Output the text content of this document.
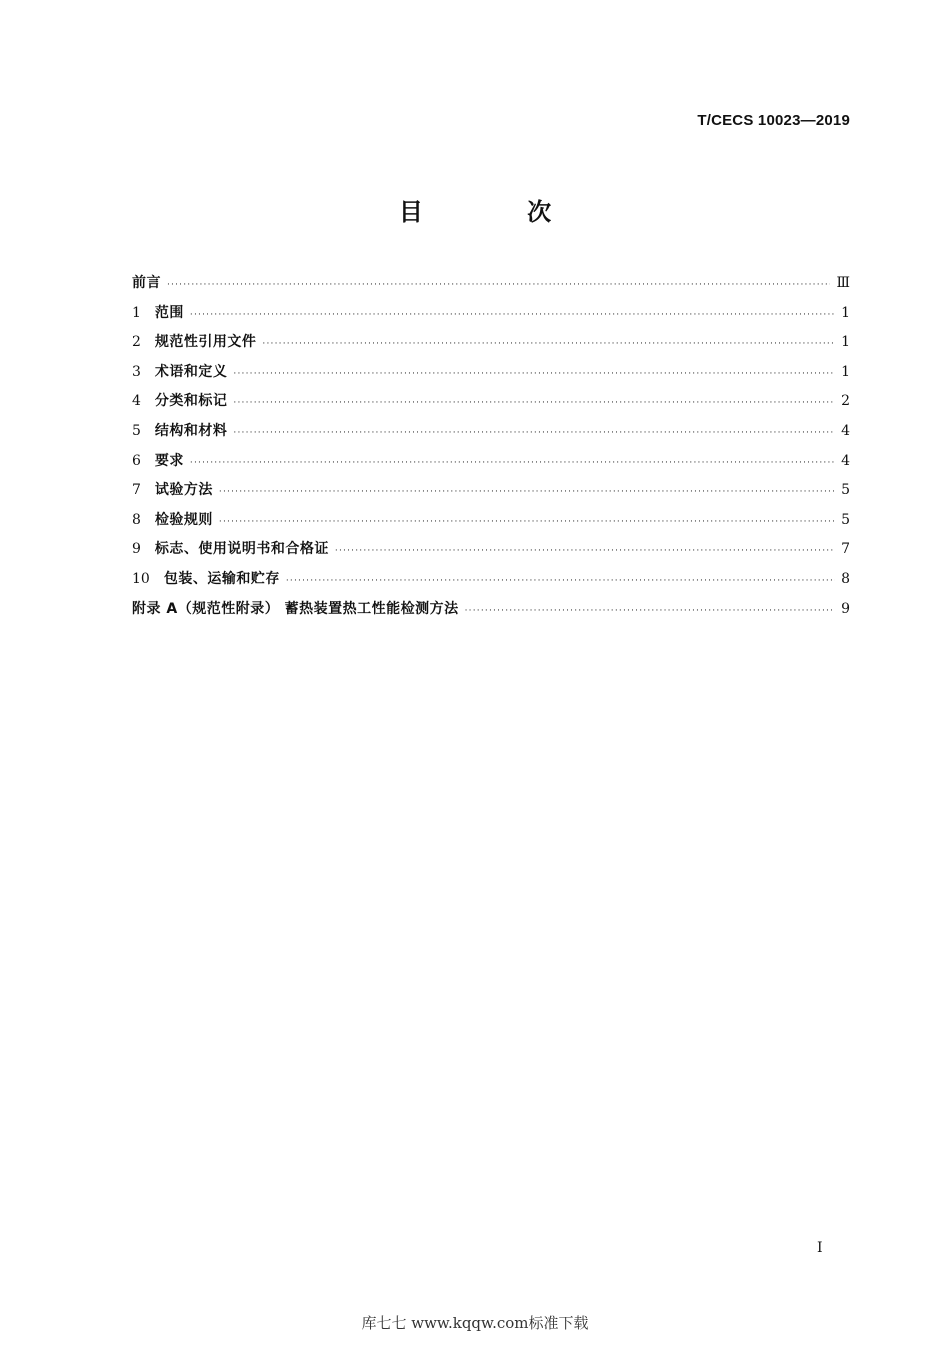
T/CECS 10023—2019
目 次
前言 ·····	Ⅲ
1 范围 ·····	1
2 规范性引用文件 ·····	1
3 术语和定义 ·····	1
4 分类和标记 ·····	2
5 结构和材料 ·····	4
6 要求 ·····	4
7 试验方法 ·····	5
8 检验规则 ·····	5
9 标志、使用说明书和合格证 ·····	7
10 包装、运输和贮存 ·····	8
附录 A（规范性附录） 蓄热装置热工性能检测方法 ·····	9
I
库七七 www.kqqw.com标准下载
